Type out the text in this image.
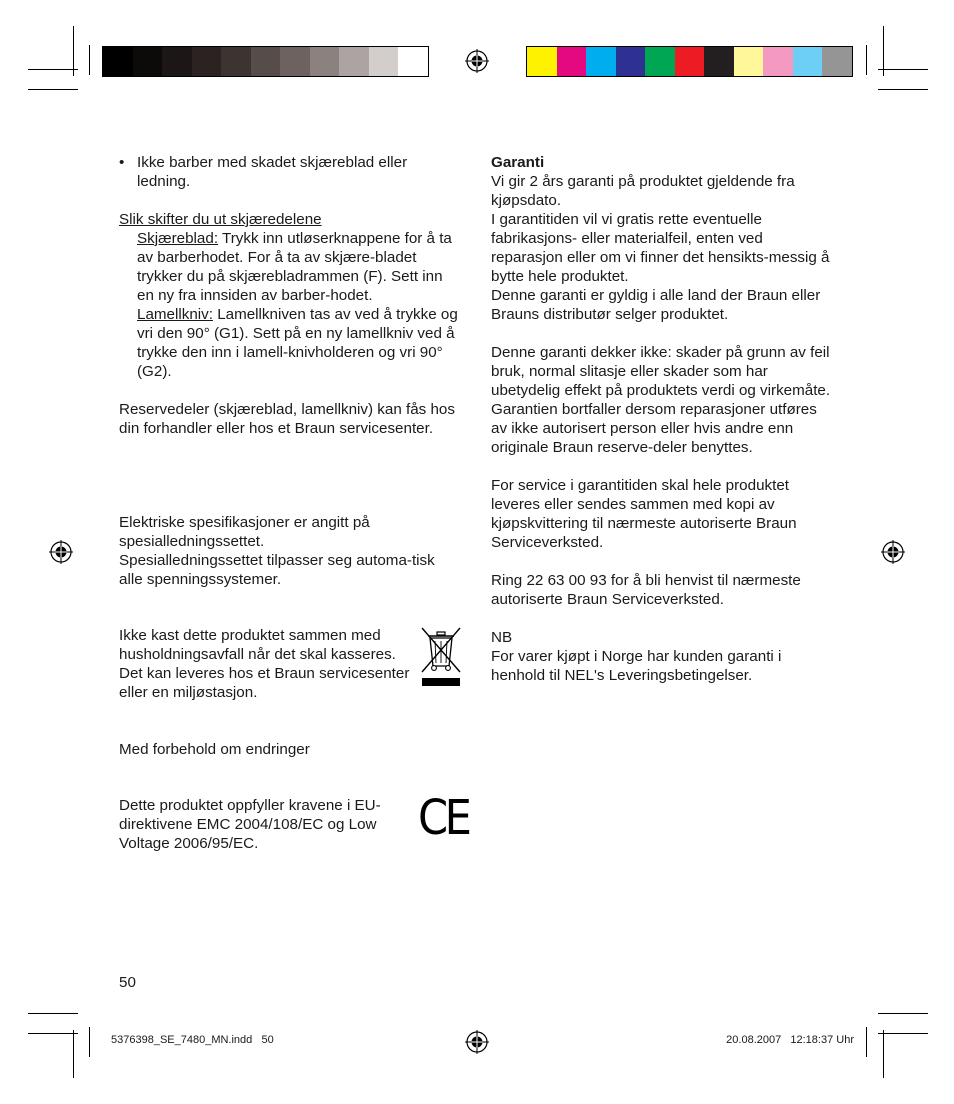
• Ikke barber med skadet skjæreblad eller ledning.

Slik skifter du ut skjæredelene

Skjæreblad: Trykk inn utløserknappene for å ta av barberhodet. For å ta av skjære-bladet trykker du på skjærebladrammen (F). Sett inn en ny fra innsiden av barber-hodet.

Lamellkniv: Lamellkniven tas av ved å trykke og vri den 90° (G1). Sett på en ny lamellkniv ved å trykke den inn i lamell-knivholderen og vri 90° (G2).

Reservedeler (skjæreblad, lamellkniv) kan fås hos din forhandler eller hos et Braun servicesenter.

Elektriske spesifikasjoner er angitt på spesialledningssettet.

Spesialledningssettet tilpasser seg automa-tisk alle spenningssystemer.

Ikke kast dette produktet sammen med husholdningsavfall når det skal kasseres. Det kan leveres hos et Braun servicesenter eller en miljøstasjon.

Med forbehold om endringer

Dette produktet oppfyller kravene i EU-direktivene EMC 2004/108/EC og Low Voltage 2006/95/EC.	CE

Garanti

Vi gir 2 års garanti på produktet gjeldende fra kjøpsdato.

I garantitiden vil vi gratis rette eventuelle fabrikasjons- eller materialfeil, enten ved reparasjon eller om vi finner det hensikts-messig å bytte hele produktet.

Denne garanti er gyldig i alle land der Braun eller Brauns distributør selger produktet.

Denne garanti dekker ikke: skader på grunn av feil bruk, normal slitasje eller skader som har ubetydelig effekt på produktets verdi og virkemåte. Garantien bortfaller dersom reparasjoner utføres av ikke autorisert person eller hvis andre enn originale Braun reserve-deler benyttes.

For service i garantitiden skal hele produktet leveres eller sendes sammen med kopi av kjøpskvittering til nærmeste autoriserte Braun Serviceverksted.

Ring 22 63 00 93 for å bli henvist til nærmeste autoriserte Braun Serviceverksted.

NB

For varer kjøpt i Norge har kunden garanti i henhold til NEL's Leveringsbetingelser.

50
5376398_SE_7480_MN.indd   50	20.08.2007   12:18:37 Uhr
